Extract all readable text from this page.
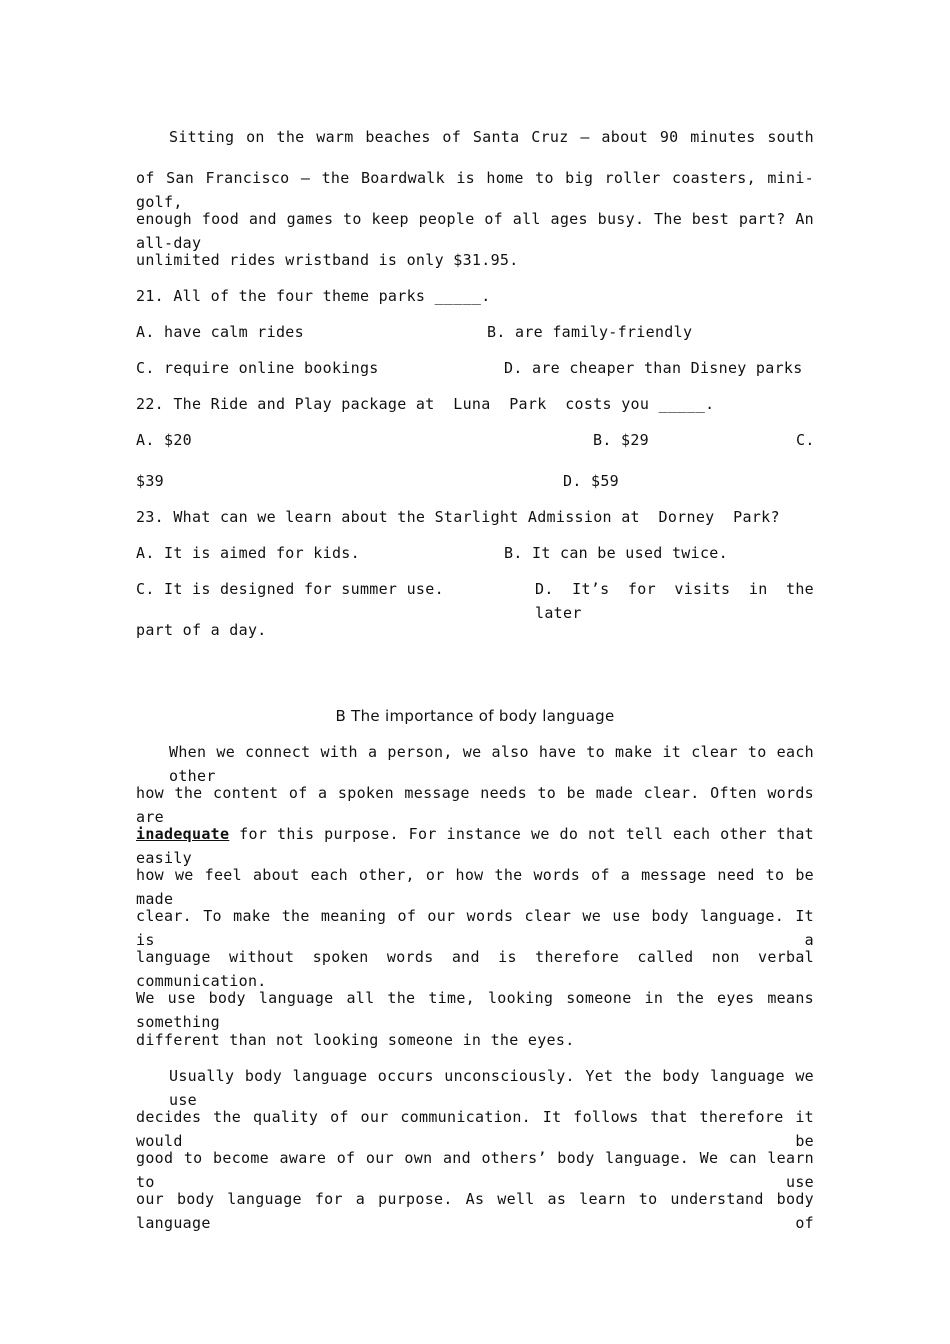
Sitting on the warm beaches of Santa Cruz — about 90 minutes south
of San Francisco — the Boardwalk is home to big roller coasters, mini-golf,
enough food and games to keep people of all ages busy. The best part? An all-day
unlimited rides wristband is only $31.95.
21. All of the four theme parks _____.
A. have calm rides	B. are family-friendly
C. require online bookings	D. are cheaper than Disney parks
22. The Ride and Play package at  Luna  Park  costs you _____.
A. $20	B. $29	C.
$39	D. $59
23. What can we learn about the Starlight Admission at  Dorney  Park?
A. It is aimed for kids.	B. It can be used twice.
C. It is designed for summer use.	D. It’s for visits in the later
part of a day.
B The importance of body language
When we connect with a person, we also have to make it clear to each other
how the content of a spoken message needs to be made clear. Often words are
inadequate for this purpose. For instance we do not tell each other that easily
how we feel about each other, or how the words of a message need to be made
clear. To make the meaning of our words clear we use body language. It is a
language without spoken words and is therefore called non verbal communication.
We use body language all the time, looking someone in the eyes means something
different than not looking someone in the eyes.
Usually body language occurs unconsciously. Yet the body language we use
decides the quality of our communication. It follows that therefore it would be
good to become aware of our own and others’ body language. We can learn to use
our body language for a purpose. As well as learn to understand body language of
